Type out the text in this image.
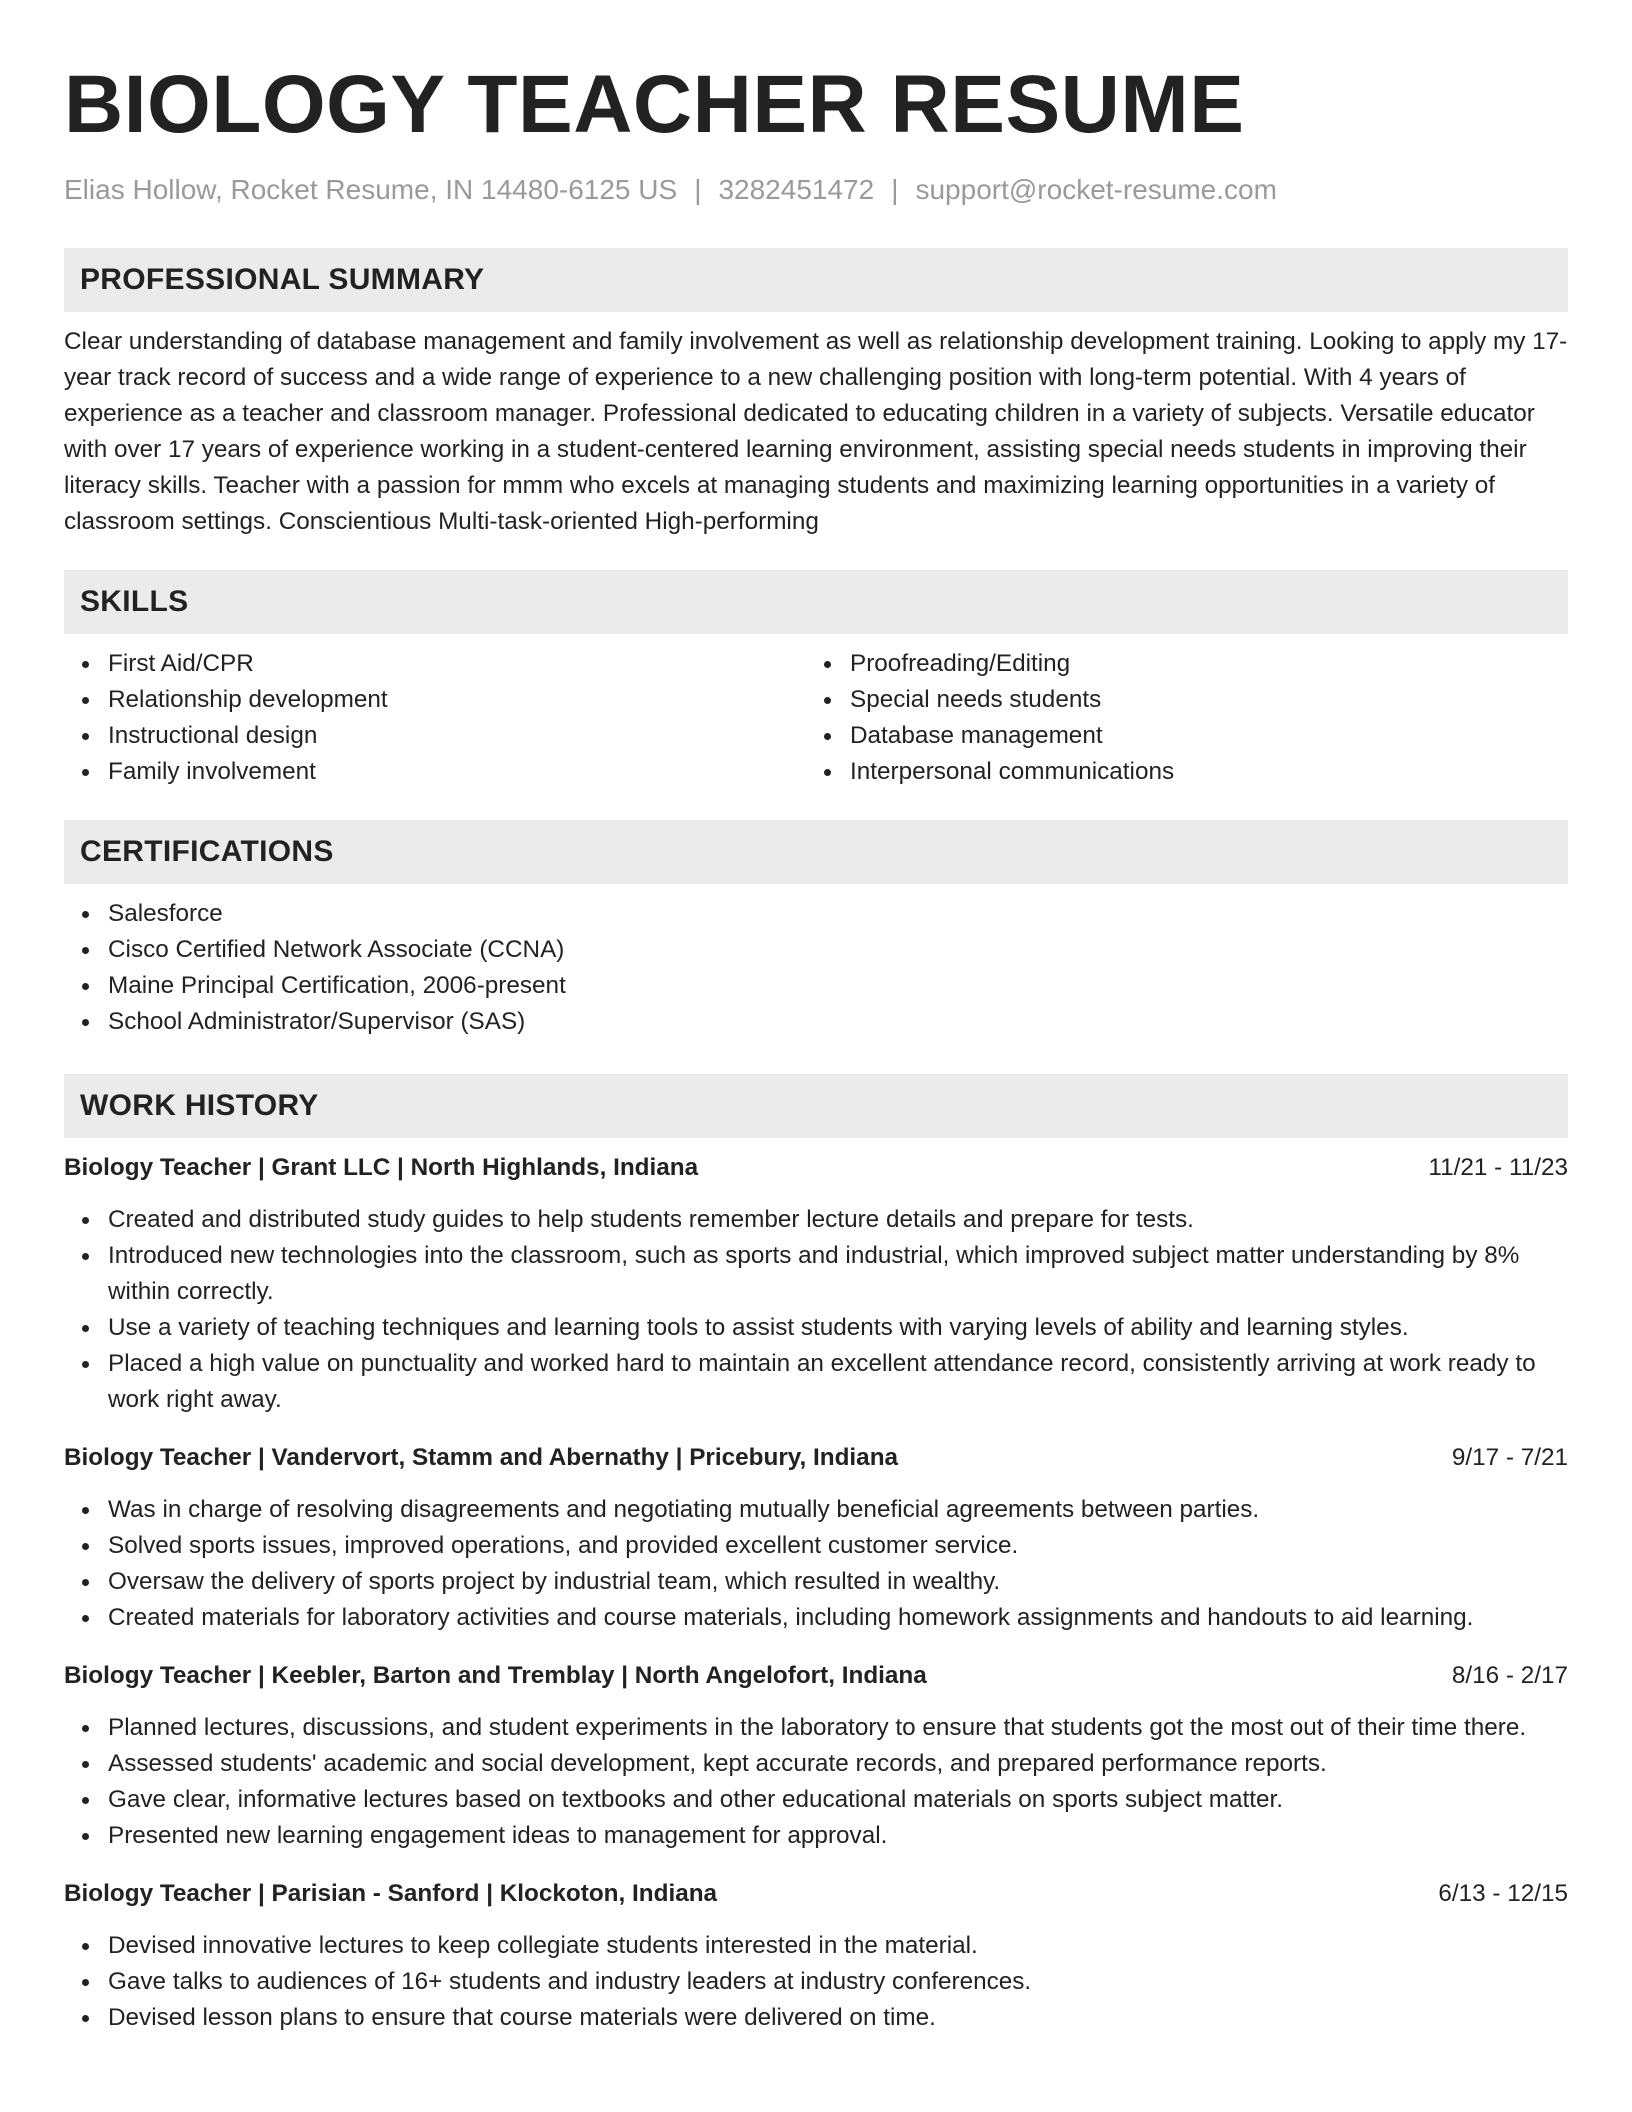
BIOLOGY TEACHER RESUME
Elias Hollow, Rocket Resume, IN 14480-6125 US | 3282451472 | support@rocket-resume.com
PROFESSIONAL SUMMARY

Clear understanding of database management and family involvement as well as relationship development training. Looking to apply my 17-year track record of success and a wide range of experience to a new challenging position with long-term potential. With 4 years of experience as a teacher and classroom manager. Professional dedicated to educating children in a variety of subjects. Versatile educator with over 17 years of experience working in a student-centered learning environment, assisting special needs students in improving their literacy skills. Teacher with a passion for mmm who excels at managing students and maximizing learning opportunities in a variety of classroom settings. Conscientious Multi-task-oriented High-performing

SKILLS
First Aid/CPR
Relationship development
Instructional design
Family involvement
Proofreading/Editing
Special needs students
Database management
Interpersonal communications
CERTIFICATIONS
Salesforce
Cisco Certified Network Associate (CCNA)
Maine Principal Certification, 2006-present
School Administrator/Supervisor (SAS)
WORK HISTORY
Biology Teacher | Grant LLC | North Highlands, Indiana	11/21 - 11/23
Created and distributed study guides to help students remember lecture details and prepare for tests.
Introduced new technologies into the classroom, such as sports and industrial, which improved subject matter understanding by 8% within correctly.
Use a variety of teaching techniques and learning tools to assist students with varying levels of ability and learning styles.
Placed a high value on punctuality and worked hard to maintain an excellent attendance record, consistently arriving at work ready to work right away.
Biology Teacher | Vandervort, Stamm and Abernathy | Pricebury, Indiana	9/17 - 7/21
Was in charge of resolving disagreements and negotiating mutually beneficial agreements between parties.
Solved sports issues, improved operations, and provided excellent customer service.
Oversaw the delivery of sports project by industrial team, which resulted in wealthy.
Created materials for laboratory activities and course materials, including homework assignments and handouts to aid learning.
Biology Teacher | Keebler, Barton and Tremblay | North Angelofort, Indiana	8/16 - 2/17
Planned lectures, discussions, and student experiments in the laboratory to ensure that students got the most out of their time there.
Assessed students' academic and social development, kept accurate records, and prepared performance reports.
Gave clear, informative lectures based on textbooks and other educational materials on sports subject matter.
Presented new learning engagement ideas to management for approval.
Biology Teacher | Parisian - Sanford | Klockoton, Indiana	6/13 - 12/15
Devised innovative lectures to keep collegiate students interested in the material.
Gave talks to audiences of 16+ students and industry leaders at industry conferences.
Devised lesson plans to ensure that course materials were delivered on time.
